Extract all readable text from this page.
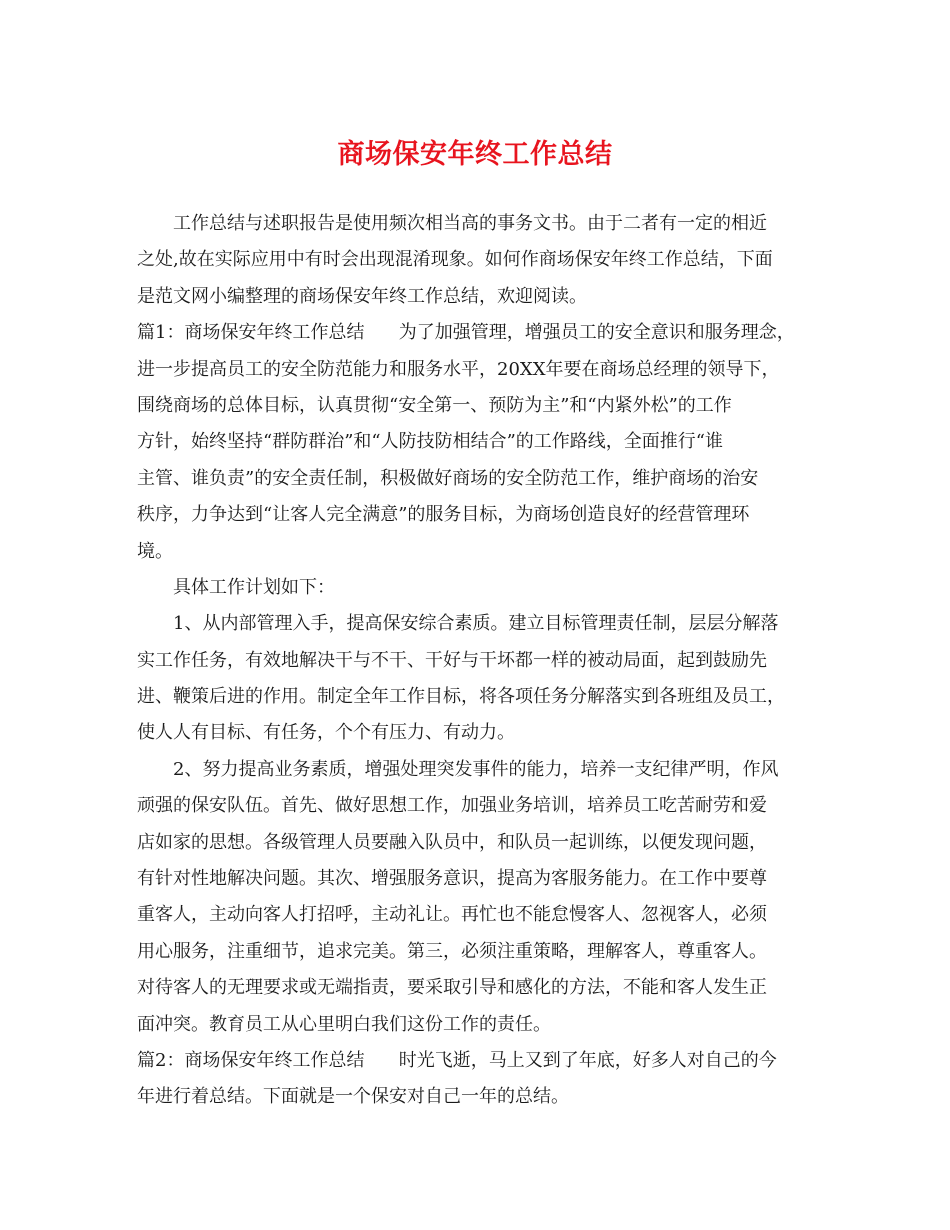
商场保安年终工作总结
工作总结与述职报告是使用频次相当高的事务文书。由于二者有一定的相近
之处,故在实际应用中有时会出现混淆现象。如何作商场保安年终工作总结，下面
是范文网小编整理的商场保安年终工作总结，欢迎阅读。
篇1：商场保安年终工作总结      为了加强管理，增强员工的安全意识和服务理念，
进一步提高员工的安全防范能力和服务水平，20XX年要在商场总经理的领导下，
围绕商场的总体目标，认真贯彻“安全第一、预防为主”和“内紧外松”的工作
方针，始终坚持“群防群治”和“人防技防相结合”的工作路线，全面推行“谁
主管、谁负责”的安全责任制，积极做好商场的安全防范工作，维护商场的治安
秩序，力争达到“让客人完全满意”的服务目标，为商场创造良好的经营管理环
境。
具体工作计划如下：
1、从内部管理入手，提高保安综合素质。建立目标管理责任制，层层分解落
实工作任务，有效地解决干与不干、干好与干坏都一样的被动局面，起到鼓励先
进、鞭策后进的作用。制定全年工作目标，将各项任务分解落实到各班组及员工，
使人人有目标、有任务，个个有压力、有动力。
2、努力提高业务素质，增强处理突发事件的能力，培养一支纪律严明，作风
顽强的保安队伍。首先、做好思想工作，加强业务培训，培养员工吃苦耐劳和爱
店如家的思想。各级管理人员要融入队员中，和队员一起训练，以便发现问题，
有针对性地解决问题。其次、增强服务意识，提高为客服务能力。在工作中要尊
重客人，主动向客人打招呼，主动礼让。再忙也不能怠慢客人、忽视客人，必须
用心服务，注重细节，追求完美。第三，必须注重策略，理解客人，尊重客人。
对待客人的无理要求或无端指责，要采取引导和感化的方法，不能和客人发生正
面冲突。教育员工从心里明白我们这份工作的责任。
篇2：商场保安年终工作总结      时光飞逝，马上又到了年底，好多人对自己的今
年进行着总结。下面就是一个保安对自己一年的总结。
